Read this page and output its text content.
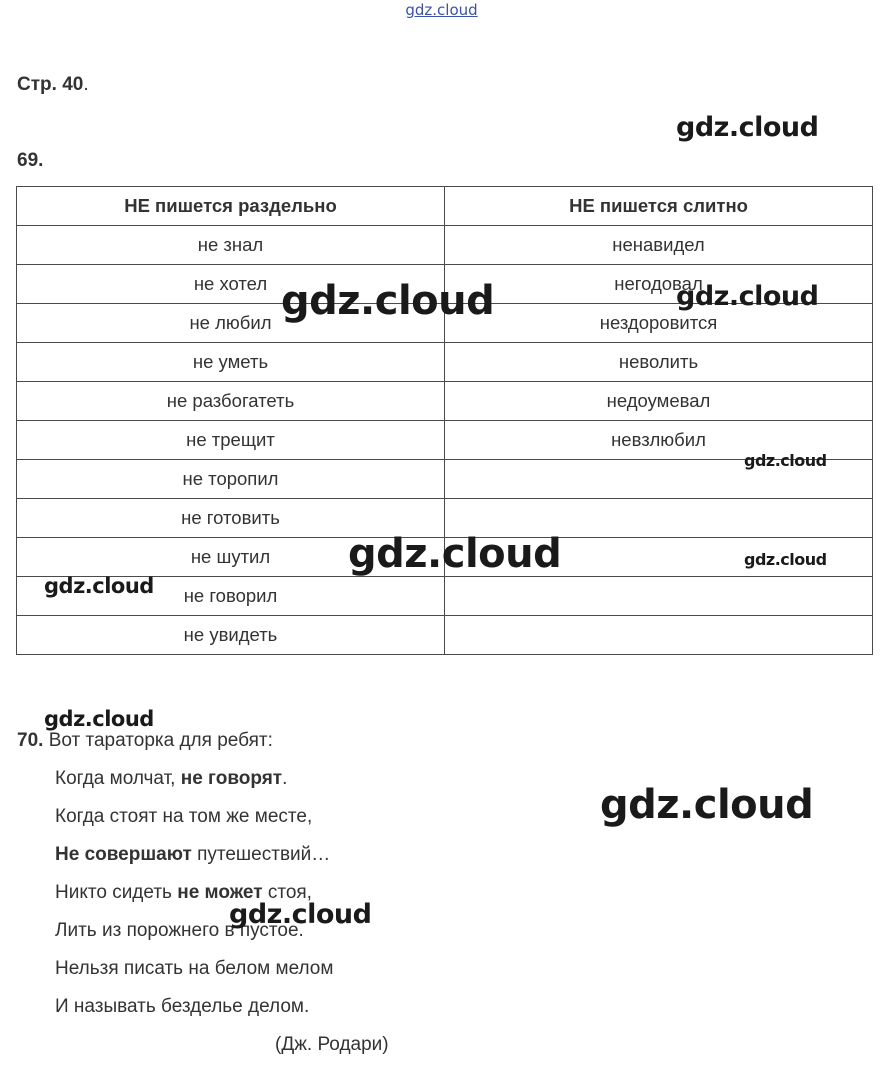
gdz.cloud
Стр. 40.
69.
НЕ пишется раздельно	НЕ пишется слитно
не знал	ненавидел
не хотел	негодовал
не любил	нездоровится
не уметь	неволить
не разбогатеть	недоумевал
не трещит	невзлюбил
не торопил	
не готовить	
не шутил	
не говорил	
не увидеть	
70. Вот тараторка для ребят:
Когда молчат, не говорят.
Когда стоят на том же месте,
Не совершают путешествий…
Никто сидеть не может стоя,
Лить из порожнего в пустое.
Нельзя писать на белом мелом
И называть безделье делом.
(Дж. Родари)
gdz.cloud
gdz.cloud	gdz.cloud
gdz.cloud
gdz.cloud	gdz.cloud
gdz.cloud
gdz.cloud
gdz.cloud
gdz.cloud
